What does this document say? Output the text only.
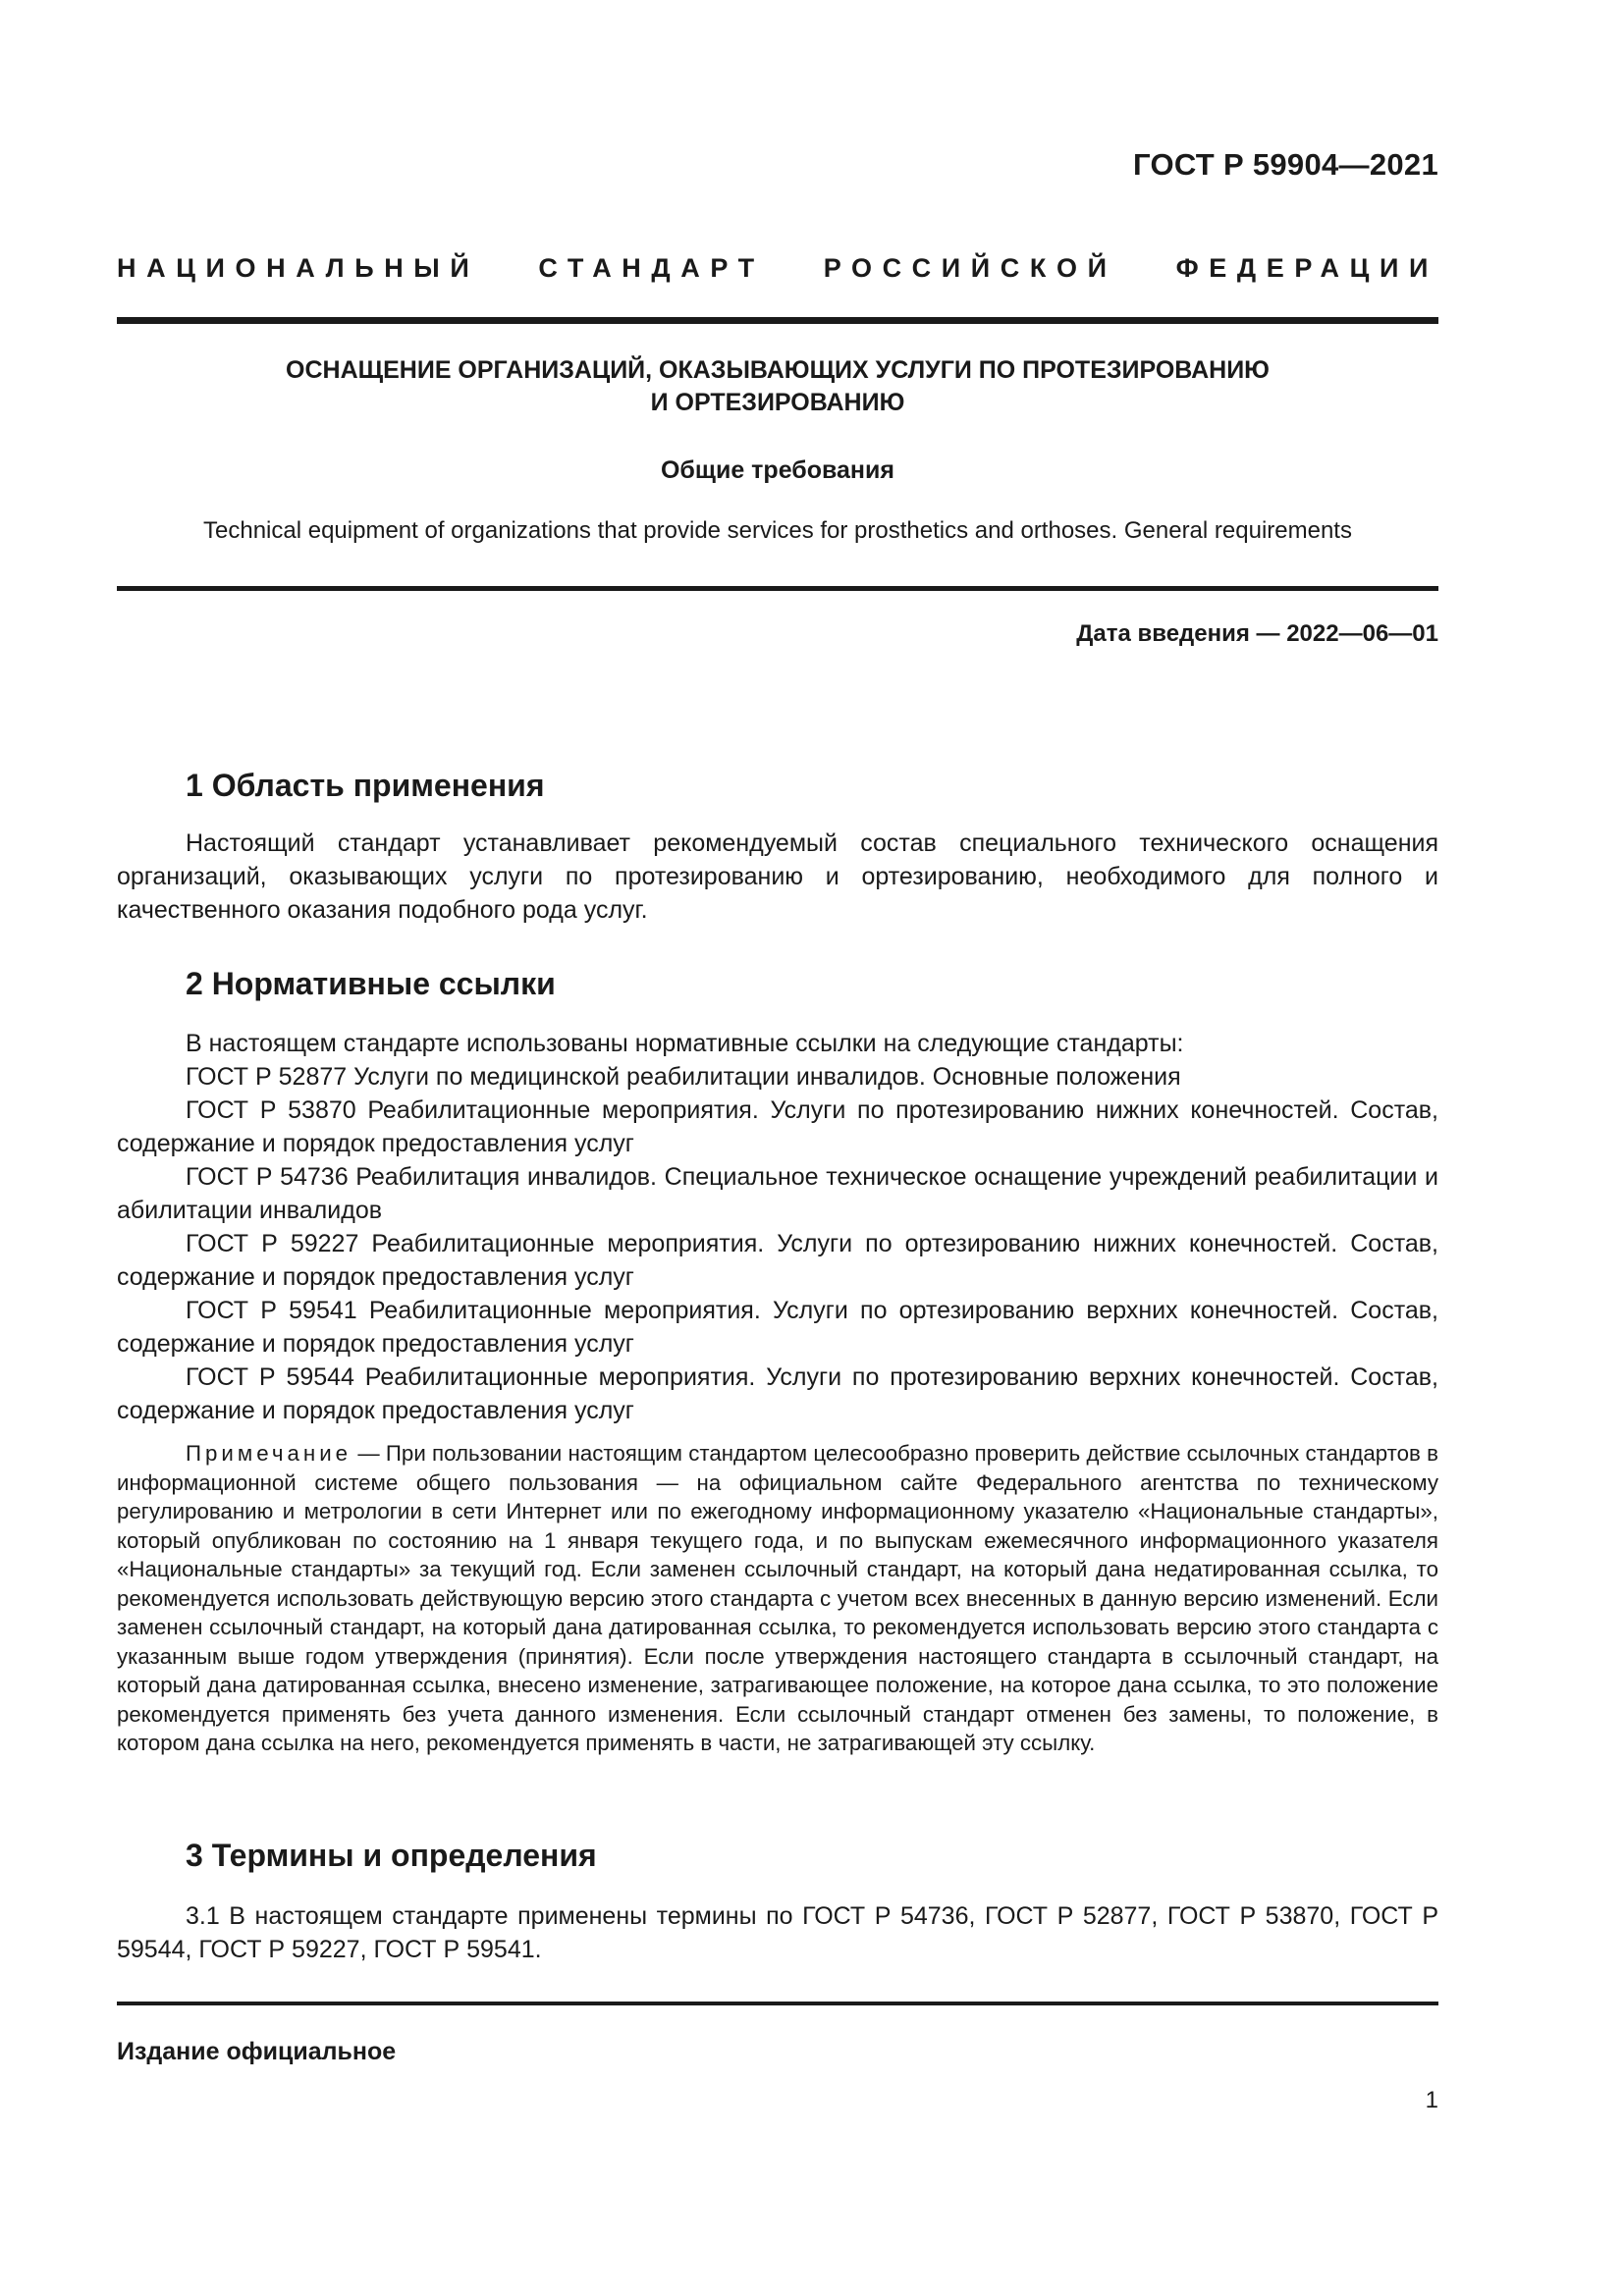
ГОСТ Р 59904—2021
НАЦИОНАЛЬНЫЙ СТАНДАРТ РОССИЙСКОЙ ФЕДЕРАЦИИ
ОСНАЩЕНИЕ ОРГАНИЗАЦИЙ, ОКАЗЫВАЮЩИХ УСЛУГИ ПО ПРОТЕЗИРОВАНИЮ
И ОРТЕЗИРОВАНИЮ
Общие требования
Technical equipment of organizations that provide services for prosthetics and orthoses. General requirements
Дата введения — 2022—06—01
1 Область применения

Настоящий стандарт устанавливает рекомендуемый состав специального технического оснащения организаций, оказывающих услуги по протезированию и ортезированию, необходимого для полного и качественного оказания подобного рода услуг.

2 Нормативные ссылки

В настоящем стандарте использованы нормативные ссылки на следующие стандарты:

ГОСТ Р 52877 Услуги по медицинской реабилитации инвалидов. Основные положения

ГОСТ Р 53870 Реабилитационные мероприятия. Услуги по протезированию нижних конечностей. Состав, содержание и порядок предоставления услуг

ГОСТ Р 54736 Реабилитация инвалидов. Специальное техническое оснащение учреждений реабилитации и абилитации инвалидов

ГОСТ Р 59227 Реабилитационные мероприятия. Услуги по ортезированию нижних конечностей. Состав, содержание и порядок предоставления услуг

ГОСТ Р 59541 Реабилитационные мероприятия. Услуги по ортезированию верхних конечностей. Состав, содержание и порядок предоставления услуг

ГОСТ Р 59544 Реабилитационные мероприятия. Услуги по протезированию верхних конечностей. Состав, содержание и порядок предоставления услуг

Примечание — При пользовании настоящим стандартом целесообразно проверить действие ссылочных стандартов в информационной системе общего пользования — на официальном сайте Федерального агентства по техническому регулированию и метрологии в сети Интернет или по ежегодному информационному указателю «Национальные стандарты», который опубликован по состоянию на 1 января текущего года, и по выпускам ежемесячного информационного указателя «Национальные стандарты» за текущий год. Если заменен ссылочный стандарт, на который дана недатированная ссылка, то рекомендуется использовать действующую версию этого стандарта с учетом всех внесенных в данную версию изменений. Если заменен ссылочный стандарт, на который дана датированная ссылка, то рекомендуется использовать версию этого стандарта с указанным выше годом утверждения (принятия). Если после утверждения настоящего стандарта в ссылочный стандарт, на который дана датированная ссылка, внесено изменение, затрагивающее положение, на которое дана ссылка, то это положение рекомендуется применять без учета данного изменения. Если ссылочный стандарт отменен без замены, то положение, в котором дана ссылка на него, рекомендуется применять в части, не затрагивающей эту ссылку.

3 Термины и определения

3.1 В настоящем стандарте применены термины по ГОСТ Р 54736, ГОСТ Р 52877, ГОСТ Р 53870, ГОСТ Р 59544, ГОСТ Р 59227, ГОСТ Р 59541.

Издание официальное
1
